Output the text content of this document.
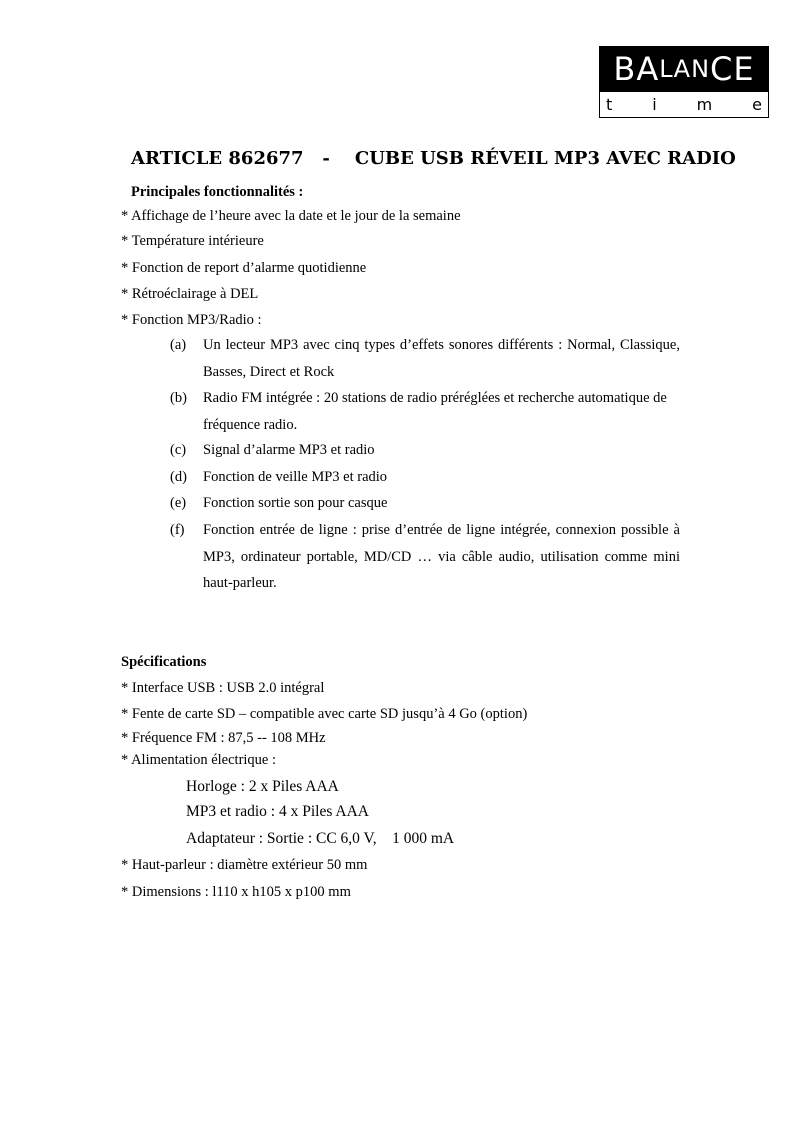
B A L A N C E
t i m e
ARTICLE 862677   -    CUBE USB RÉVEIL MP3 AVEC RADIO
Principales fonctionnalités :
* Affichage de l’heure avec la date et le jour de la semaine
* Température intérieure
* Fonction de report d’alarme quotidienne
* Rétroéclairage à DEL
* Fonction MP3/Radio :
(a) Un lecteur MP3 avec cinq types d’effets sonores différents : Normal, Classique, Basses, Direct et Rock
(b) Radio FM intégrée : 20 stations de radio préréglées et recherche automatique de fréquence radio.
(c) Signal d’alarme MP3 et radio
(d) Fonction de veille MP3 et radio
(e) Fonction sortie son pour casque
(f) Fonction entrée de ligne : prise d’entrée de ligne intégrée, connexion possible à MP3, ordinateur portable, MD/CD … via câble audio, utilisation comme mini haut-parleur.
Spécifications
* Interface USB : USB 2.0 intégral
* Fente de carte SD – compatible avec carte SD jusqu’à 4 Go (option)
* Fréquence FM : 87,5 -- 108 MHz
* Alimentation électrique :
Horloge : 2 x Piles AAA
MP3 et radio : 4 x Piles AAA
Adaptateur : Sortie : CC 6,0 V,    1 000 mA
* Haut-parleur : diamètre extérieur 50 mm
* Dimensions : l110 x h105 x p100 mm
